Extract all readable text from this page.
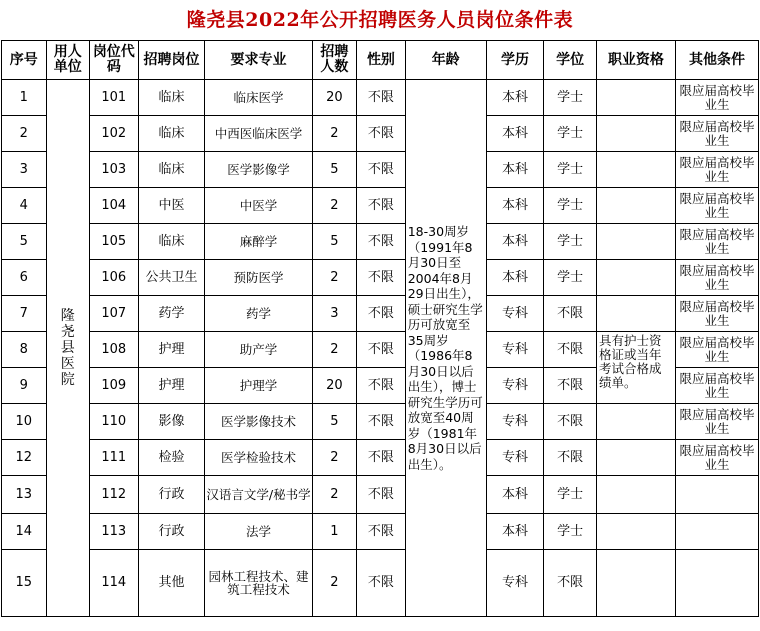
隆尧县2022年公开招聘医务人员岗位条件表
序号	用人单位	岗位代码	招聘岗位	要求专业	招聘人数	性别	年龄	学历	学位	职业资格	其他条件
1	隆尧县医院	101	临床	临床医学	20	不限	18-30周岁（1991年8月30日至2004年8月29日出生），硕士研究生学历可放宽至35周岁（1986年8月30日以后出生），博士研究生学历可放宽至40周岁（1981年8月30日以后出生）。	本科	学士		限应届高校毕业生
2		102	临床	中西医临床医学	2	不限		本科	学士		限应届高校毕业生
3		103	临床	医学影像学	5	不限		本科	学士		限应届高校毕业生
4		104	中医	中医学	2	不限		本科	学士		限应届高校毕业生
5		105	临床	麻醉学	5	不限		本科	学士		限应届高校毕业生
6		106	公共卫生	预防医学	2	不限		本科	学士		限应届高校毕业生
7		107	药学	药学	3	不限		专科	不限		限应届高校毕业生
8		108	护理	助产学	2	不限		专科	不限	具有护士资格证或当年考试合格成绩单。	限应届高校毕业生
9		109	护理	护理学	20	不限		专科	不限		限应届高校毕业生
10		110	影像	医学影像技术	5	不限		专科	不限		限应届高校毕业生
12		111	检验	医学检验技术	2	不限		专科	不限		限应届高校毕业生
13		112	行政	汉语言文学/秘书学	2	不限		本科	学士		
14		113	行政	法学	1	不限		本科	学士		
15		114	其他	园林工程技术、建筑工程技术	2	不限		专科	不限		
